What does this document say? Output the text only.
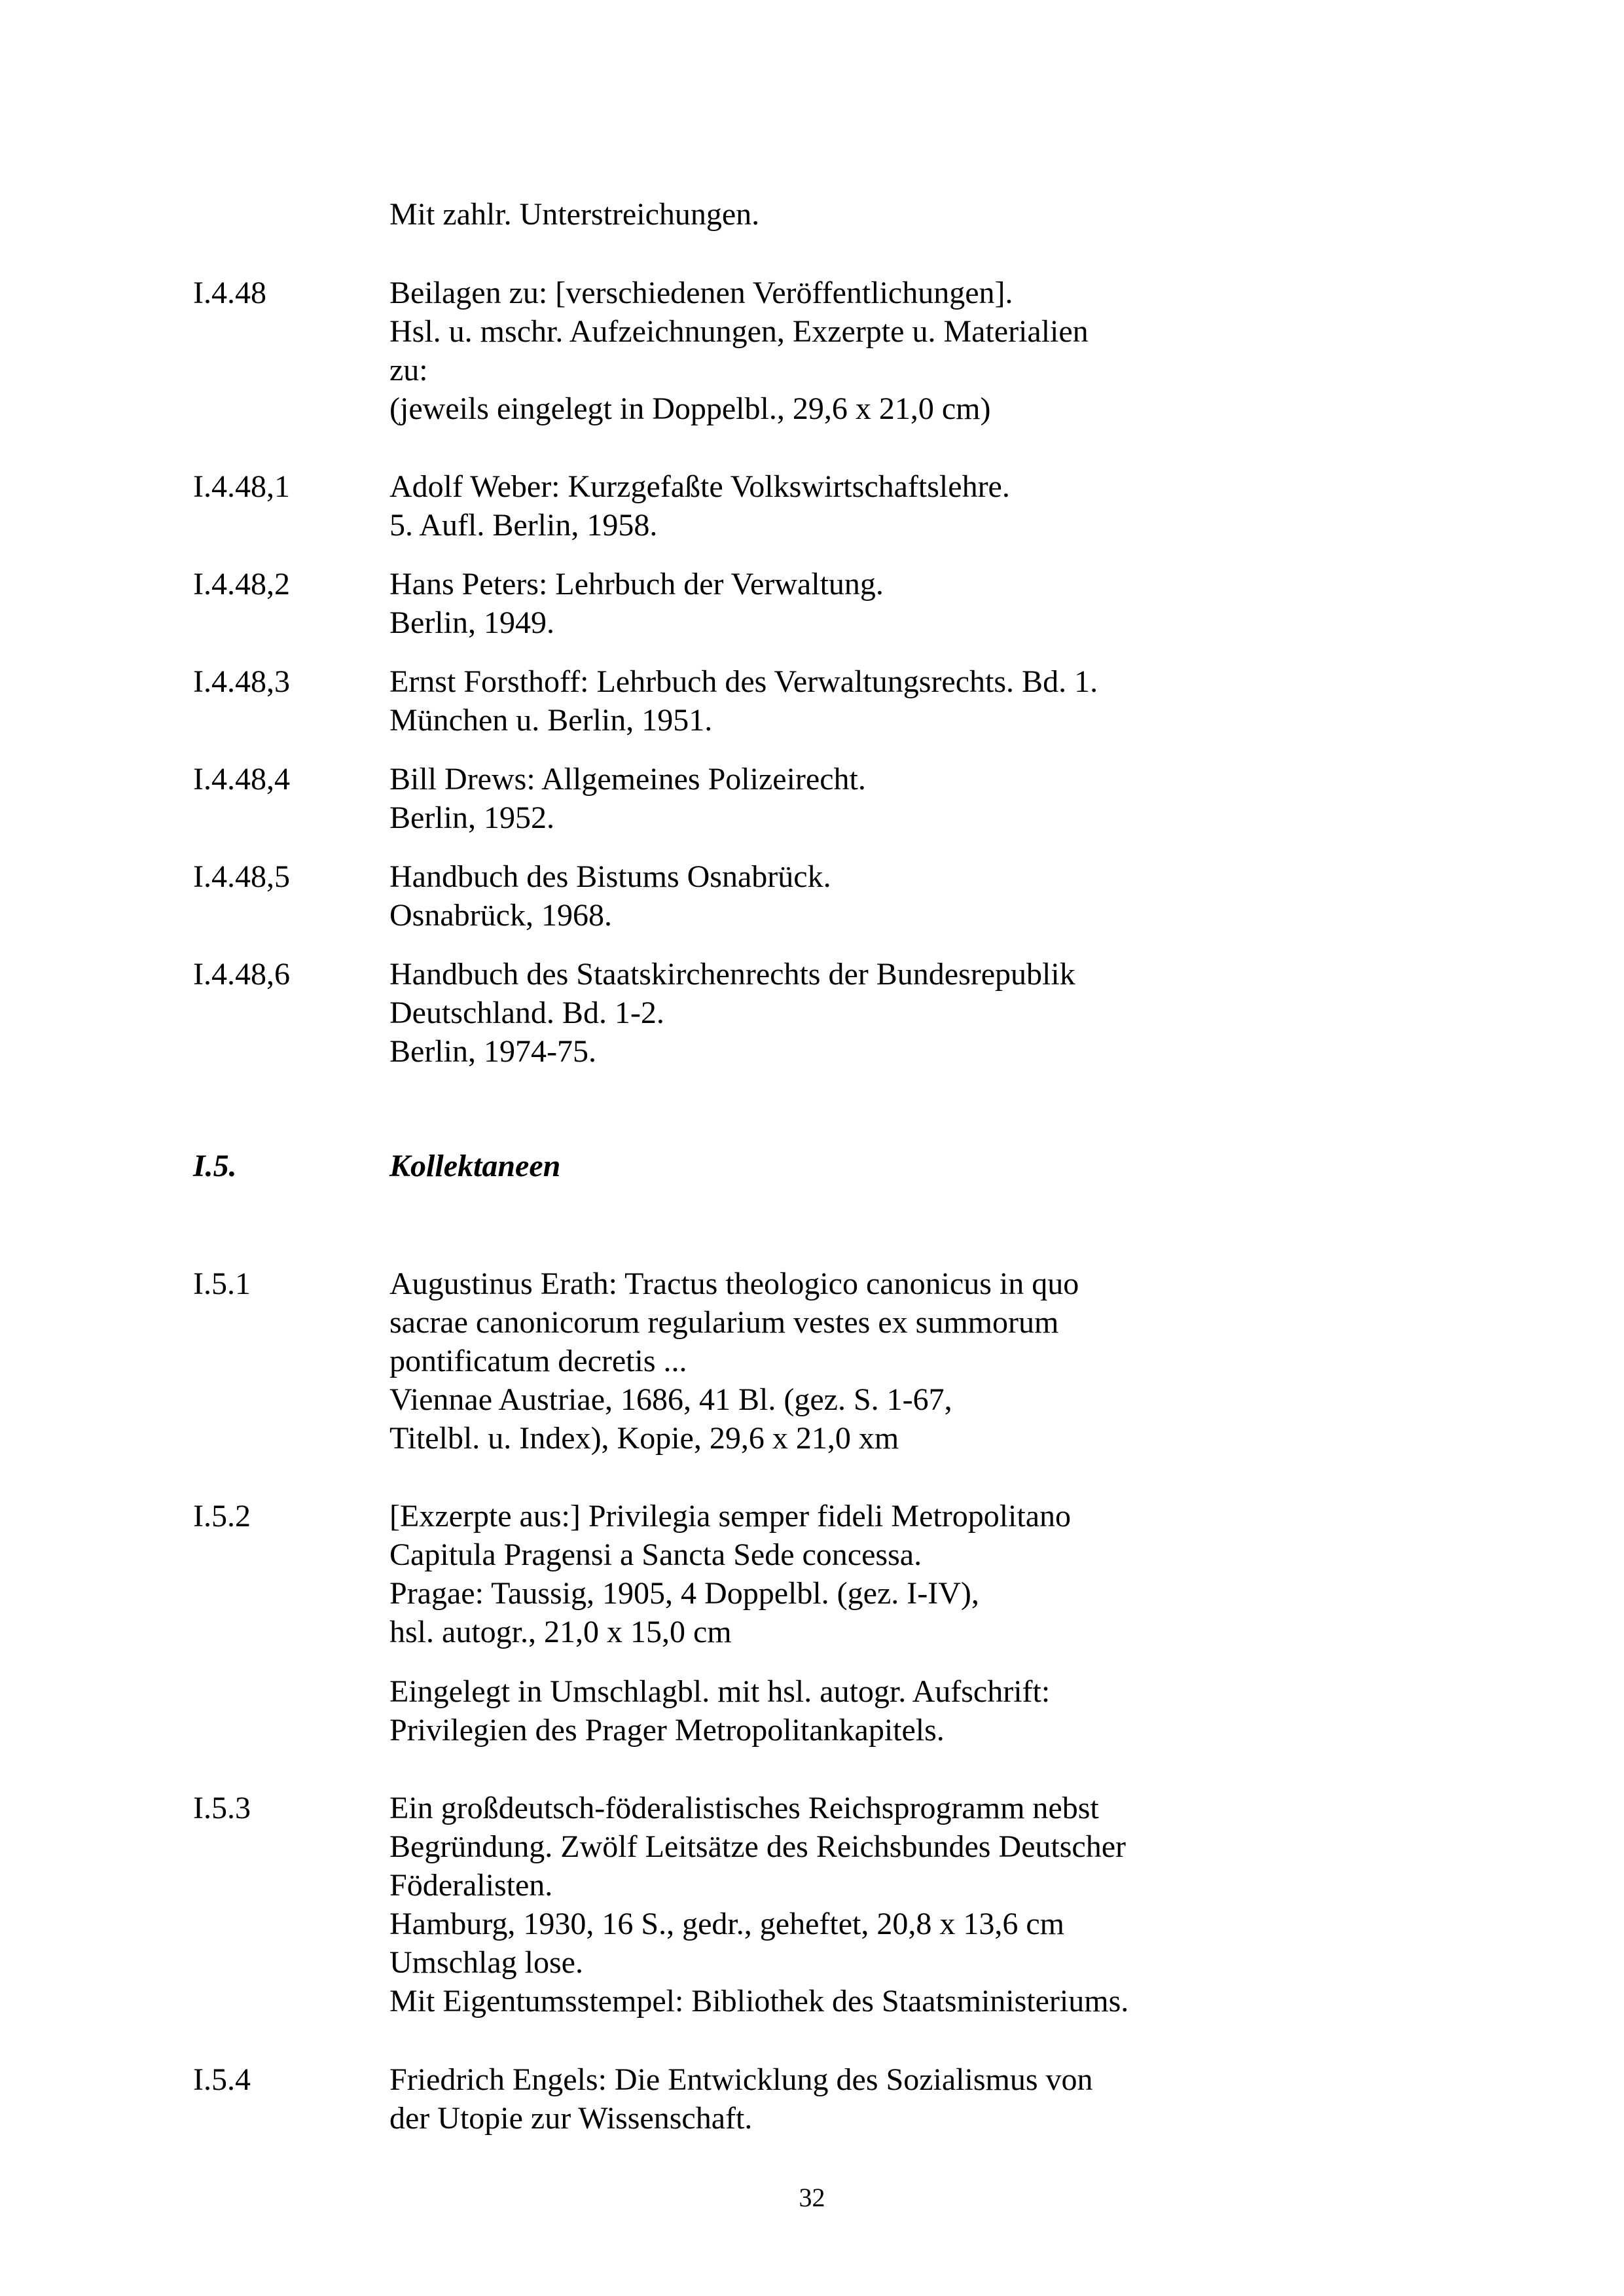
Mit zahlr. Unterstreichungen.
I.4.48	Beilagen zu: [verschiedenen Veröffentlichungen].
Hsl. u. mschr. Aufzeichnungen, Exzerpte u. Materialien
zu:
(jeweils eingelegt in Doppelbl., 29,6 x 21,0 cm)
I.4.48,1	Adolf Weber: Kurzgefaßte Volkswirtschaftslehre.
5. Aufl. Berlin, 1958.
I.4.48,2	Hans Peters: Lehrbuch der Verwaltung.
Berlin, 1949.
I.4.48,3	Ernst Forsthoff: Lehrbuch des Verwaltungsrechts. Bd. 1.
München u. Berlin, 1951.
I.4.48,4	Bill Drews: Allgemeines Polizeirecht.
Berlin, 1952.
I.4.48,5	Handbuch des Bistums Osnabrück.
Osnabrück, 1968.
I.4.48,6	Handbuch des Staatskirchenrechts der Bundesrepublik
Deutschland. Bd. 1-2.
Berlin, 1974-75.
I.5.	Kollektaneen
I.5.1	Augustinus Erath: Tractus theologico canonicus in quo
sacrae canonicorum regularium vestes ex summorum
pontificatum decretis ...
Viennae Austriae, 1686, 41 Bl. (gez. S. 1-67,
Titelbl. u. Index), Kopie, 29,6 x 21,0 xm
I.5.2	[Exzerpte aus:] Privilegia semper fideli Metropolitano
Capitula Pragensi a Sancta Sede concessa.
Pragae: Taussig, 1905, 4 Doppelbl. (gez. I-IV),
hsl. autogr., 21,0 x 15,0 cm
Eingelegt in Umschlagbl. mit hsl. autogr. Aufschrift:
Privilegien des Prager Metropolitankapitels.
I.5.3	Ein großdeutsch-föderalistisches Reichsprogramm nebst
Begründung. Zwölf Leitsätze des Reichsbundes Deutscher
Föderalisten.
Hamburg, 1930, 16 S., gedr., geheftet, 20,8 x 13,6 cm
Umschlag lose.
Mit Eigentumsstempel: Bibliothek des Staatsministeriums.
I.5.4	Friedrich Engels: Die Entwicklung des Sozialismus von
der Utopie zur Wissenschaft.
32
